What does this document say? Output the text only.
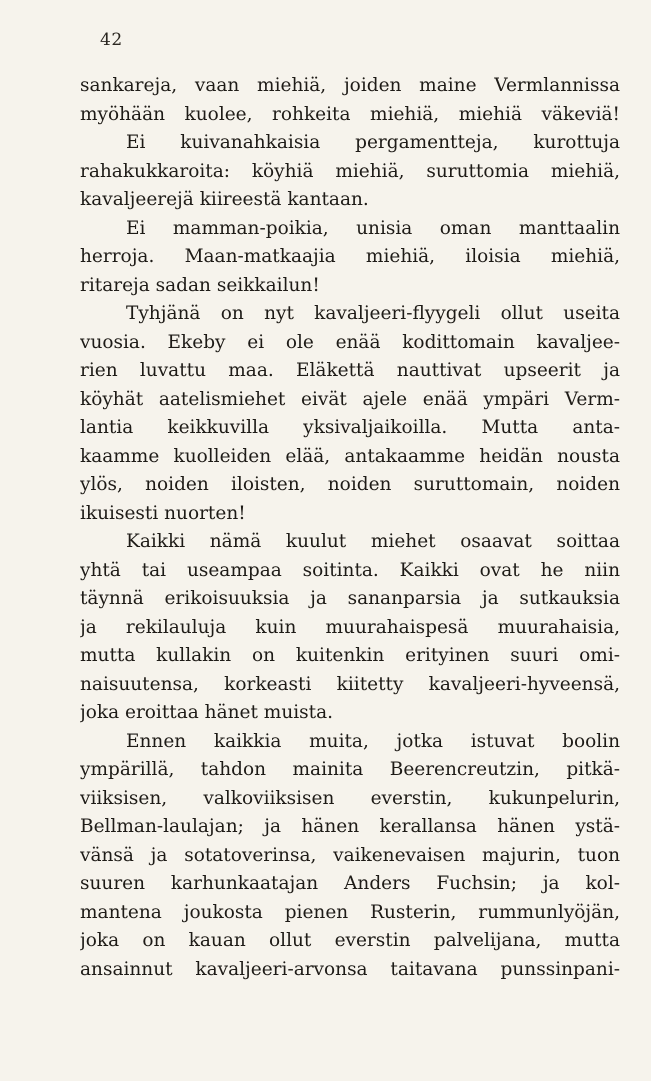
42
sankareja, vaan miehiä, joiden maine Vermlannissa
myöhään kuolee, rohkeita miehiä, miehiä väkeviä!
Ei kuivanahkaisia pergamentteja, kurottuja
rahakukkaroita: köyhiä miehiä, suruttomia miehiä,
kavaljeerejä kiireestä kantaan.
Ei mamman-poikia, unisia oman manttaalin
herroja. Maan-matkaajia miehiä, iloisia miehiä,
ritareja sadan seikkailun!
Tyhjänä on nyt kavaljeeri-flyygeli ollut useita
vuosia. Ekeby ei ole enää kodittomain kavaljee-
rien luvattu maa. Eläkettä nauttivat upseerit ja
köyhät aatelismiehet eivät ajele enää ympäri Verm-
lantia keikkuvilla yksivaljaikoilla. Mutta anta-
kaamme kuolleiden elää, antakaamme heidän nousta
ylös, noiden iloisten, noiden suruttomain, noiden
ikuisesti nuorten!
Kaikki nämä kuulut miehet osaavat soittaa
yhtä tai useampaa soitinta. Kaikki ovat he niin
täynnä erikoisuuksia ja sananparsia ja sutkauksia
ja rekilauluja kuin muurahaispesä muurahaisia,
mutta kullakin on kuitenkin erityinen suuri omi-
naisuutensa, korkeasti kiitetty kavaljeeri-hyveensä,
joka eroittaa hänet muista.
Ennen kaikkia muita, jotka istuvat boolin
ympärillä, tahdon mainita Beerencreutzin, pitkä-
viiksisen, valkoviiksisen everstin, kukunpelurin,
Bellman-laulajan; ja hänen kerallansa hänen ystä-
vänsä ja sotatoverinsa, vaikenevaisen majurin, tuon
suuren karhunkaatajan Anders Fuchsin; ja kol-
mantena joukosta pienen Rusterin, rummunlyöjän,
joka on kauan ollut everstin palvelijana, mutta
ansainnut kavaljeeri-arvonsa taitavana punssinpani-
